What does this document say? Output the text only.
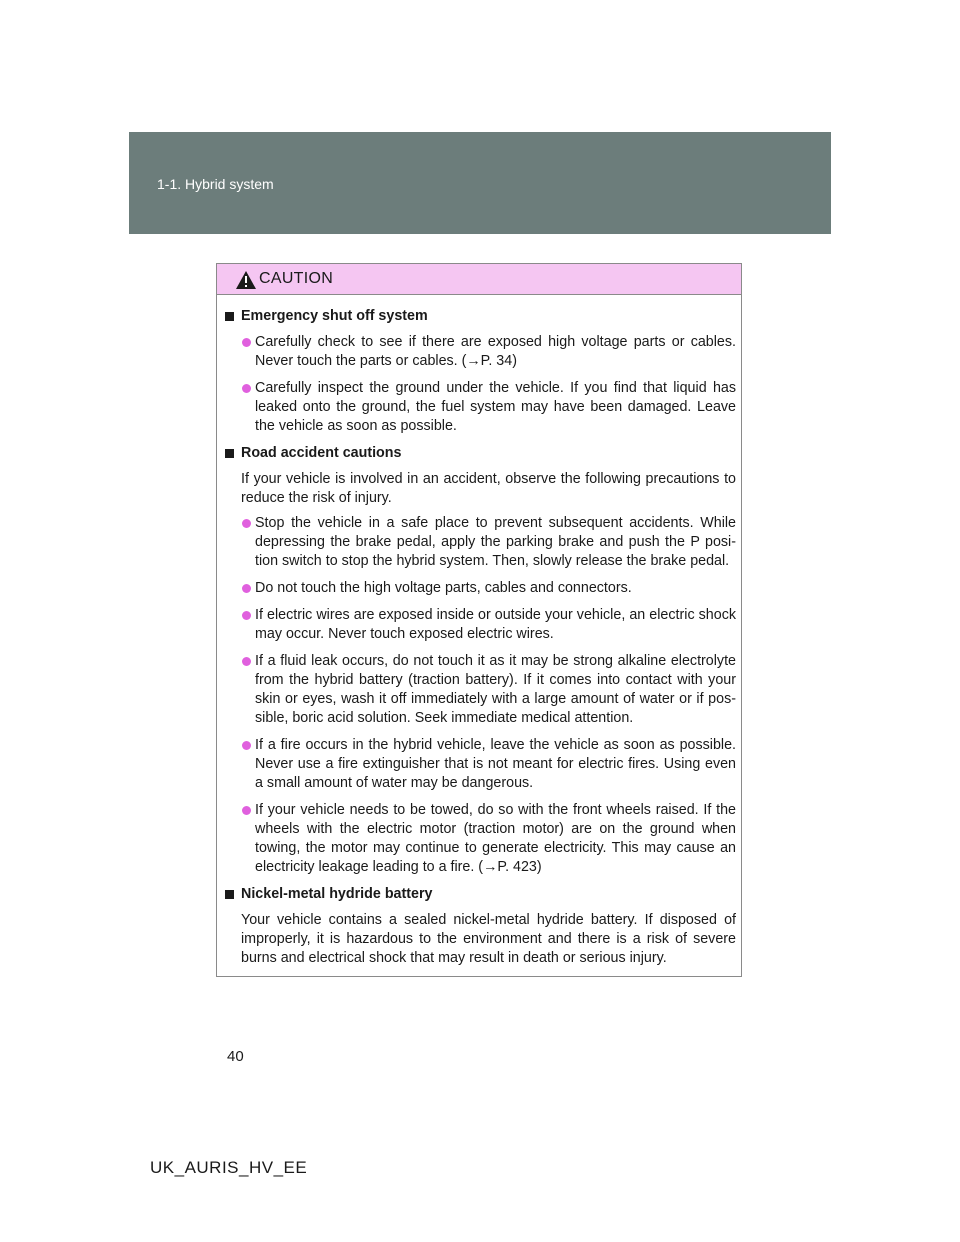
1-1. Hybrid system
CAUTION
Emergency shut off system
Carefully check to see if there are exposed high voltage parts or cables. Never touch the parts or cables. (→P. 34)
Carefully inspect the ground under the vehicle. If you find that liquid has leaked onto the ground, the fuel system may have been damaged. Leave the vehicle as soon as possible.
Road accident cautions
If your vehicle is involved in an accident, observe the following precautions to reduce the risk of injury.
Stop the vehicle in a safe place to prevent subsequent accidents. While depressing the brake pedal, apply the parking brake and push the P posi-tion switch to stop the hybrid system. Then, slowly release the brake pedal.
Do not touch the high voltage parts, cables and connectors.
If electric wires are exposed inside or outside your vehicle, an electric shock may occur. Never touch exposed electric wires.
If a fluid leak occurs, do not touch it as it may be strong alkaline electrolyte from the hybrid battery (traction battery). If it comes into contact with your skin or eyes, wash it off immediately with a large amount of water or if pos-sible, boric acid solution. Seek immediate medical attention.
If a fire occurs in the hybrid vehicle, leave the vehicle as soon as possible. Never use a fire extinguisher that is not meant for electric fires. Using even a small amount of water may be dangerous.
If your vehicle needs to be towed, do so with the front wheels raised. If the wheels with the electric motor (traction motor) are on the ground when towing, the motor may continue to generate electricity. This may cause an electricity leakage leading to a fire. (→P. 423)
Nickel-metal hydride battery
Your vehicle contains a sealed nickel-metal hydride battery. If disposed of improperly, it is hazardous to the environment and there is a risk of severe burns and electrical shock that may result in death or serious injury.
40
UK_AURIS_HV_EE
